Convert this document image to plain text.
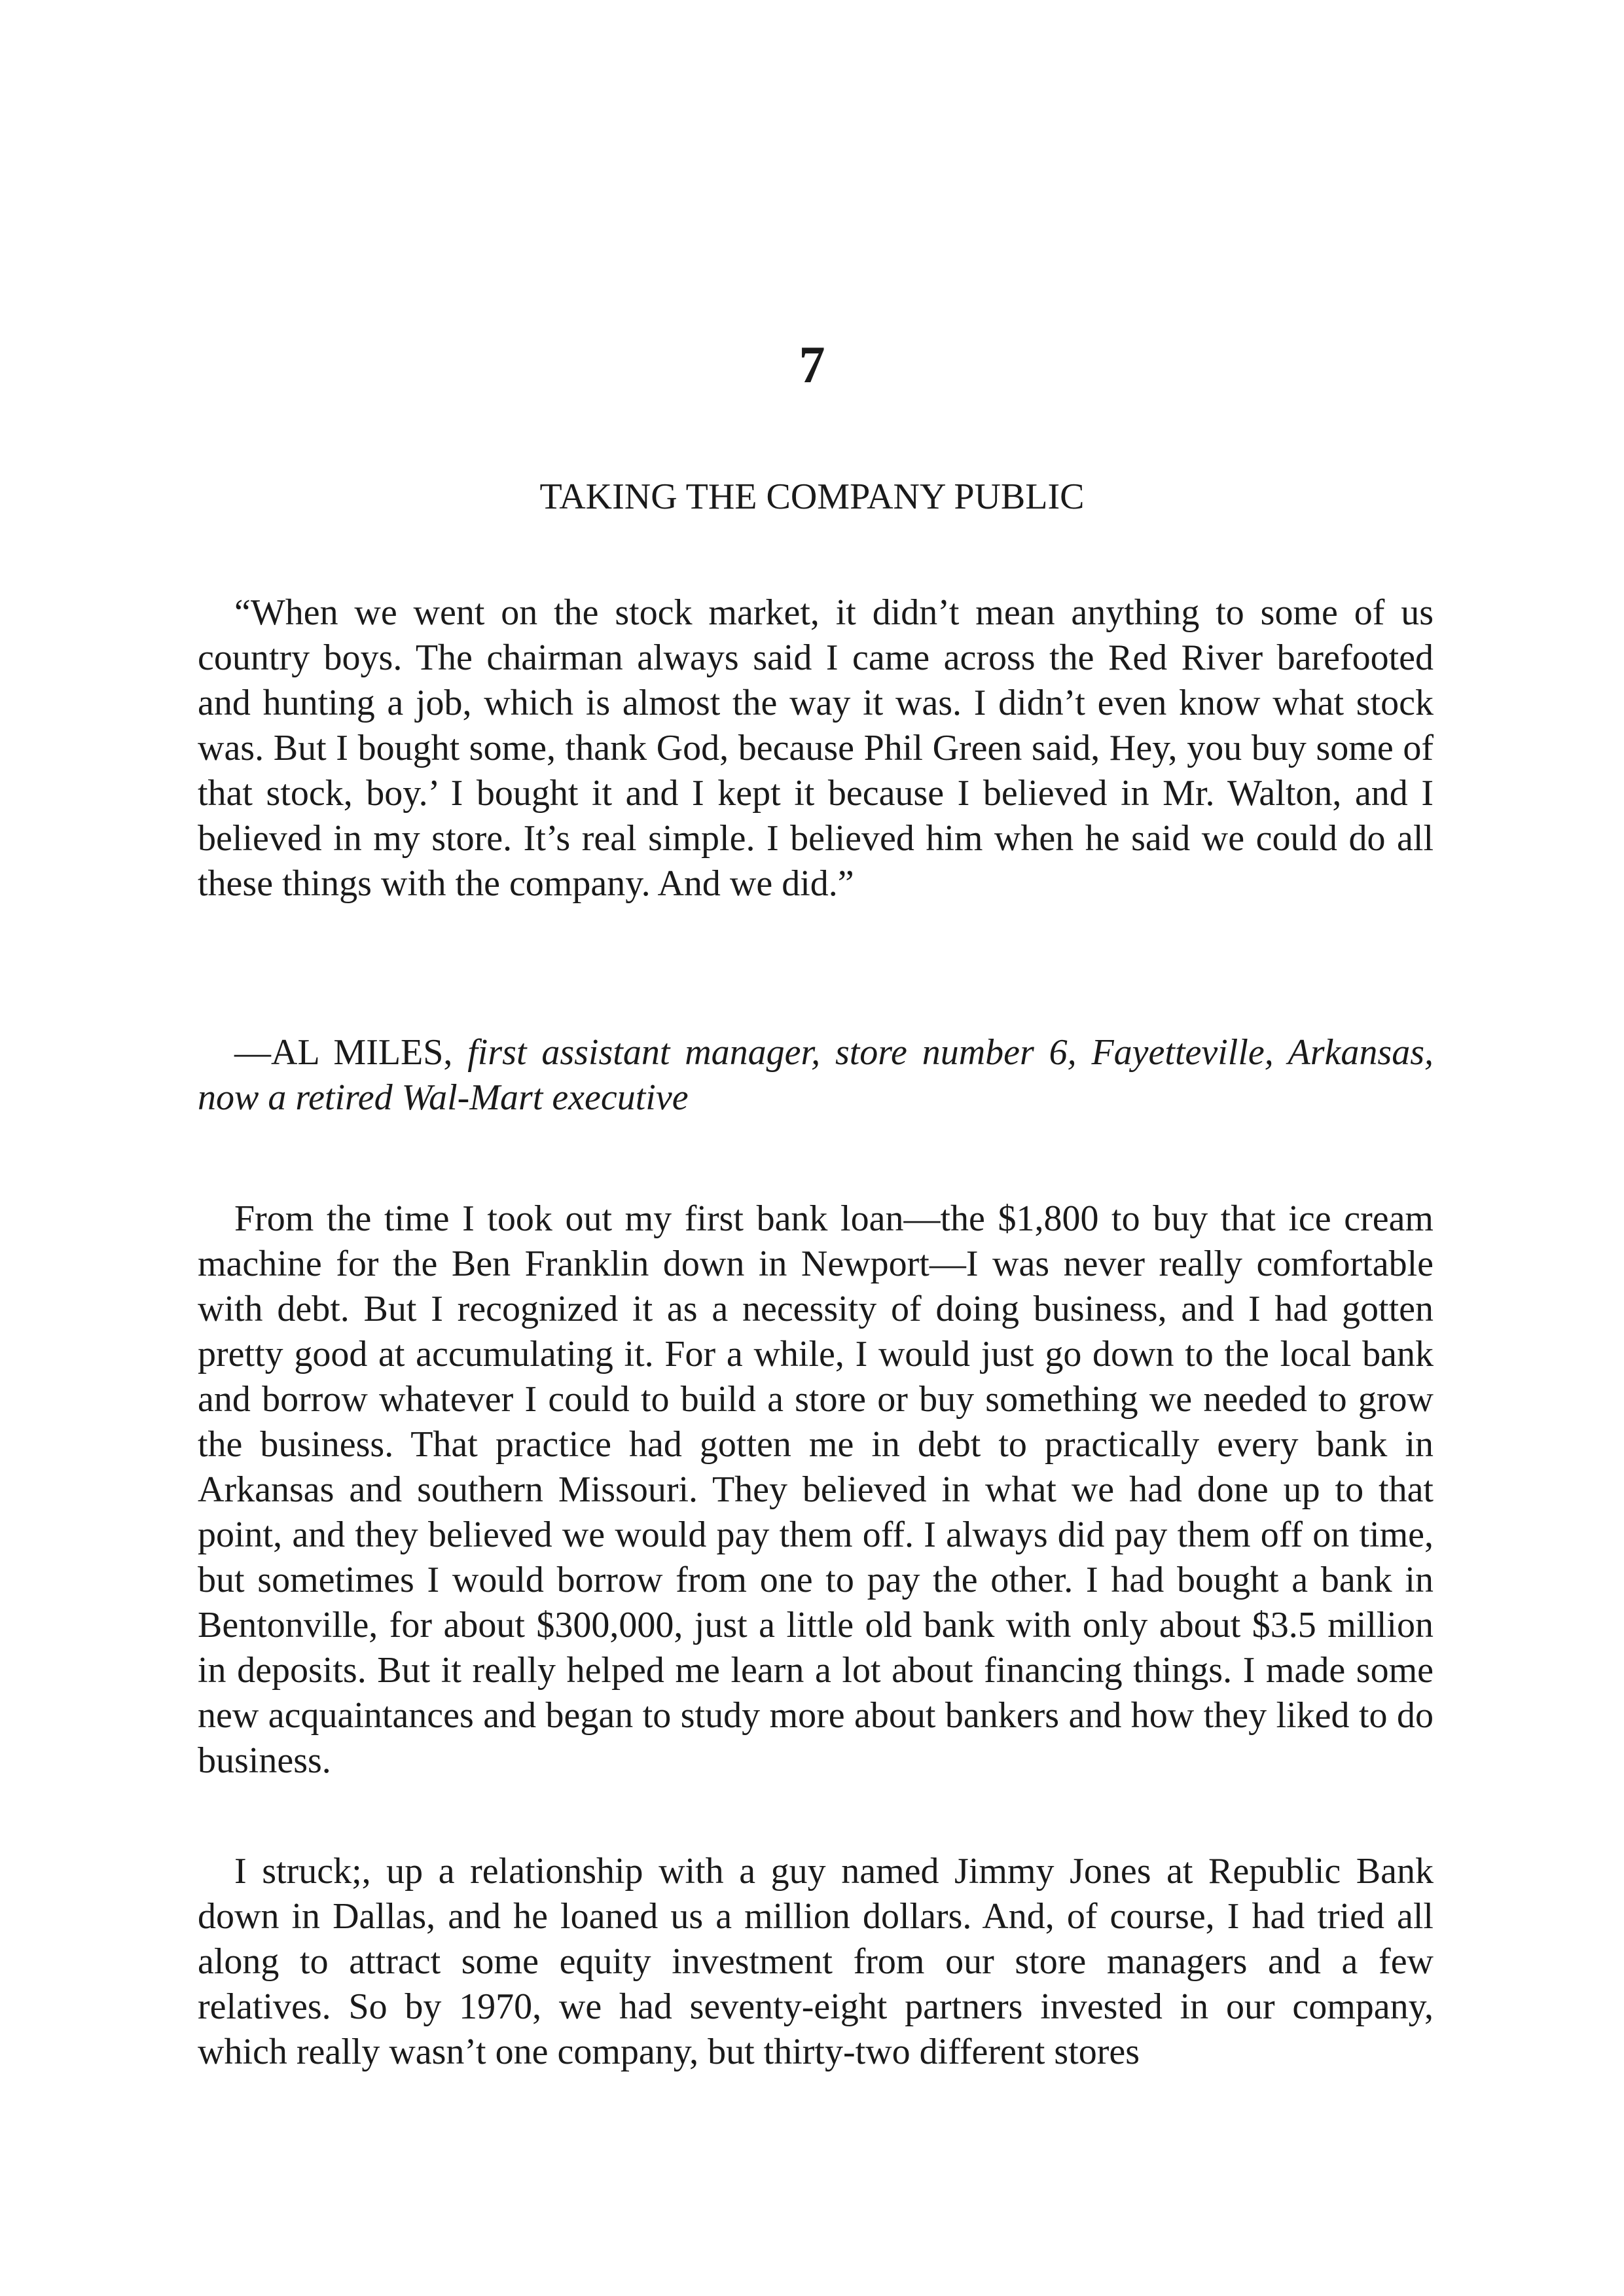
7
TAKING THE COMPANY PUBLIC

“When we went on the stock market, it didn’t mean anything to some of us country boys. The chairman always said I came across the Red River barefooted and hunting a job, which is almost the way it was. I didn’t even know what stock was. But I bought some, thank God, because Phil Green said, Hey, you buy some of that stock, boy.’ I bought it and I kept it because I believed in Mr. Walton, and I believed in my store. It’s real simple. I believed him when he said we could do all these things with the company. And we did.”

—AL MILES, first assistant manager, store number 6, Fayetteville, Arkansas, now a retired Wal-Mart executive

From the time I took out my first bank loan—the $1,800 to buy that ice cream machine for the Ben Franklin down in Newport—I was never really comfortable with debt. But I recognized it as a necessity of doing business, and I had gotten pretty good at accumulating it. For a while, I would just go down to the local bank and borrow whatever I could to build a store or buy something we needed to grow the business. That practice had gotten me in debt to practically every bank in Arkansas and southern Missouri. They believed in what we had done up to that point, and they believed we would pay them off. I always did pay them off on time, but sometimes I would borrow from one to pay the other. I had bought a bank in Bentonville, for about $300,000, just a little old bank with only about $3.5 million in deposits. But it really helped me learn a lot about financing things. I made some new acquaintances and began to study more about bankers and how they liked to do business.

I struck;, up a relationship with a guy named Jimmy Jones at Republic Bank down in Dallas, and he loaned us a million dollars. And, of course, I had tried all along to attract some equity investment from our store managers and a few relatives. So by 1970, we had seventy-eight partners invested in our company, which really wasn’t one company, but thirty-two different stores
